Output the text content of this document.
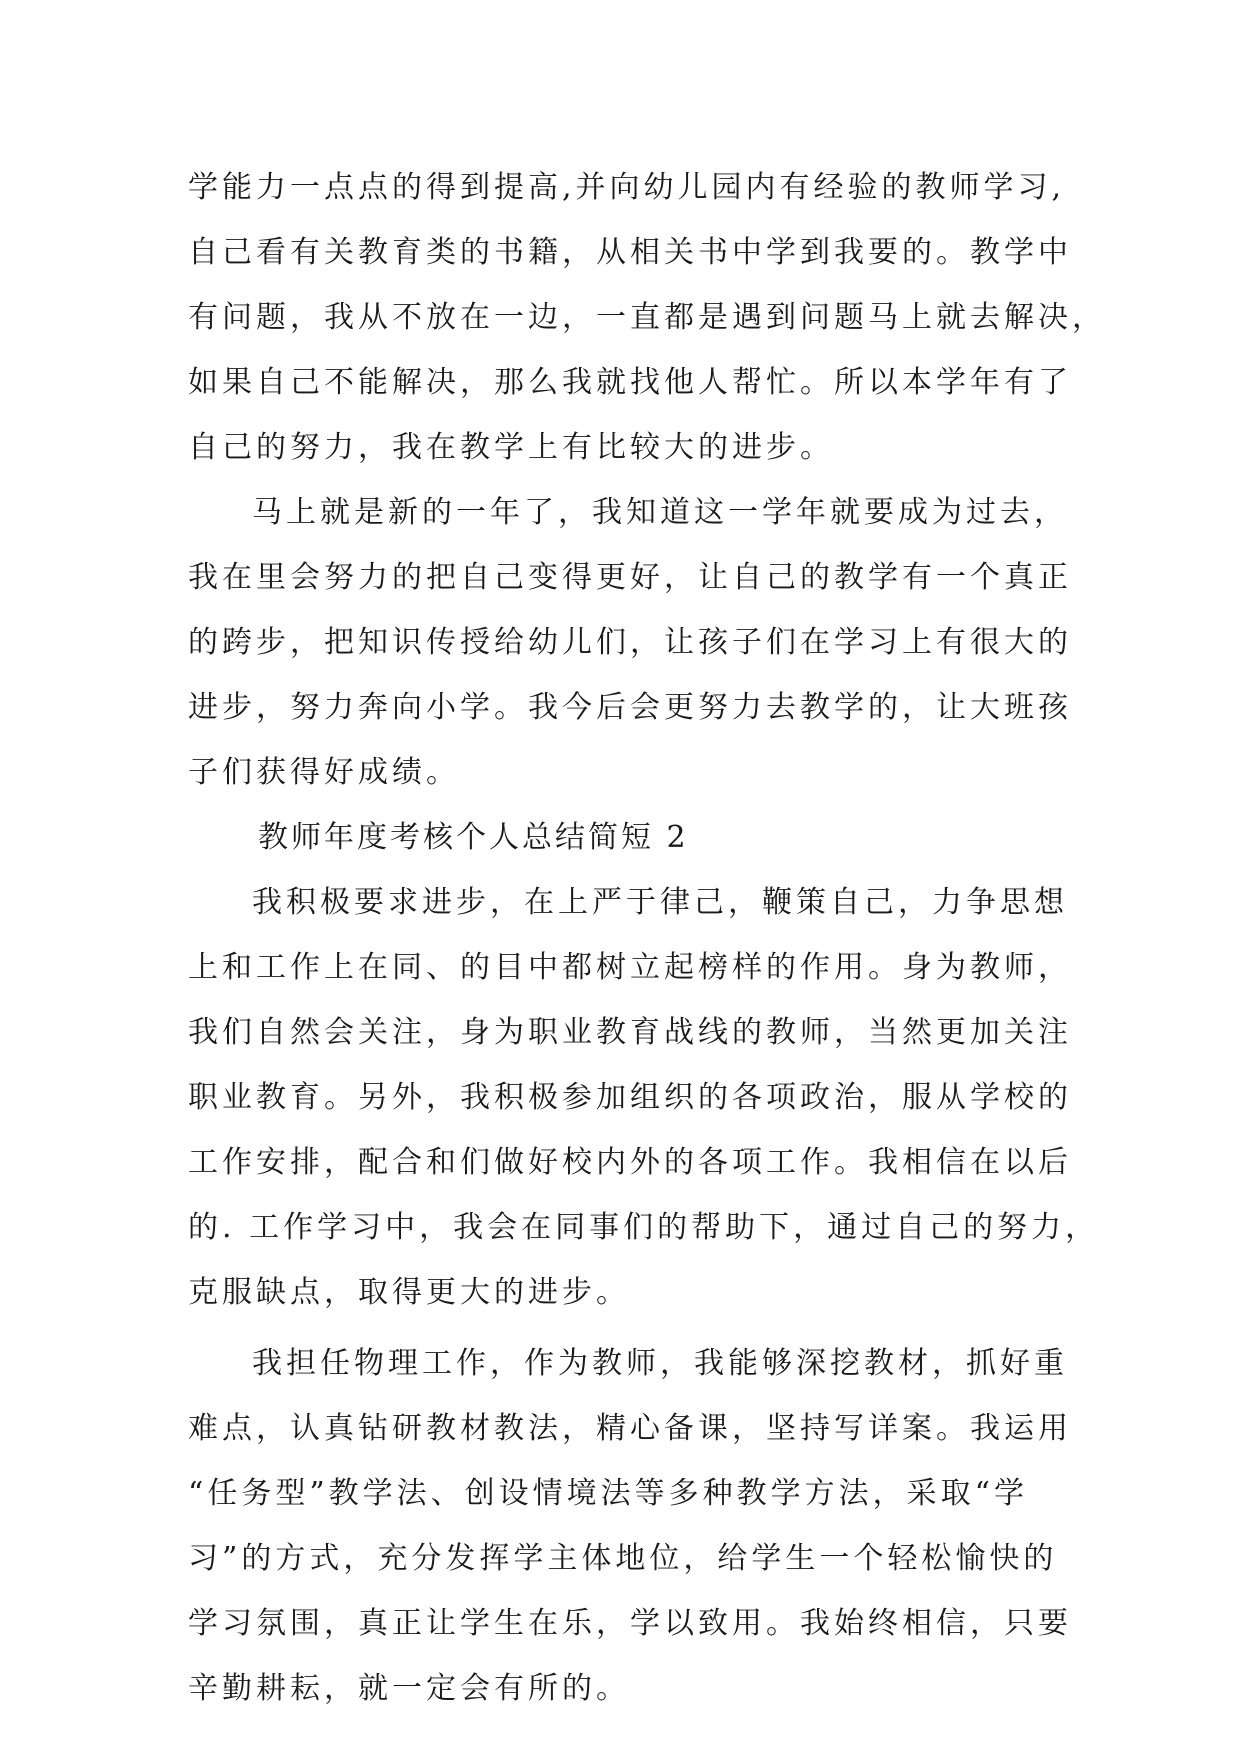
学能力一点点的得到提高,并向幼儿园内有经验的教师学习,
自己看有关教育类的书籍，从相关书中学到我要的。教学中
有问题，我从不放在一边，一直都是遇到问题马上就去解决，
如果自己不能解决，那么我就找他人帮忙。所以本学年有了
自己的努力，我在教学上有比较大的进步。
马上就是新的一年了，我知道这一学年就要成为过去，
我在里会努力的把自己变得更好，让自己的教学有一个真正
的跨步，把知识传授给幼儿们，让孩子们在学习上有很大的
进步，努力奔向小学。我今后会更努力去教学的，让大班孩
子们获得好成绩。
教师年度考核个人总结简短 2
我积极要求进步，在上严于律己，鞭策自己，力争思想
上和工作上在同、的目中都树立起榜样的作用。身为教师，
我们自然会关注，身为职业教育战线的教师，当然更加关注
职业教育。另外，我积极参加组织的各项政治，服从学校的
工作安排，配合和们做好校内外的各项工作。我相信在以后
的. 工作学习中，我会在同事们的帮助下，通过自己的努力，
克服缺点，取得更大的进步。
我担任物理工作，作为教师，我能够深挖教材，抓好重
难点，认真钻研教材教法，精心备课，坚持写详案。我运用
“任务型”教学法、创设情境法等多种教学方法，采取“学
习”的方式，充分发挥学主体地位，给学生一个轻松愉快的
学习氛围，真正让学生在乐，学以致用。我始终相信，只要
辛勤耕耘，就一定会有所的。
